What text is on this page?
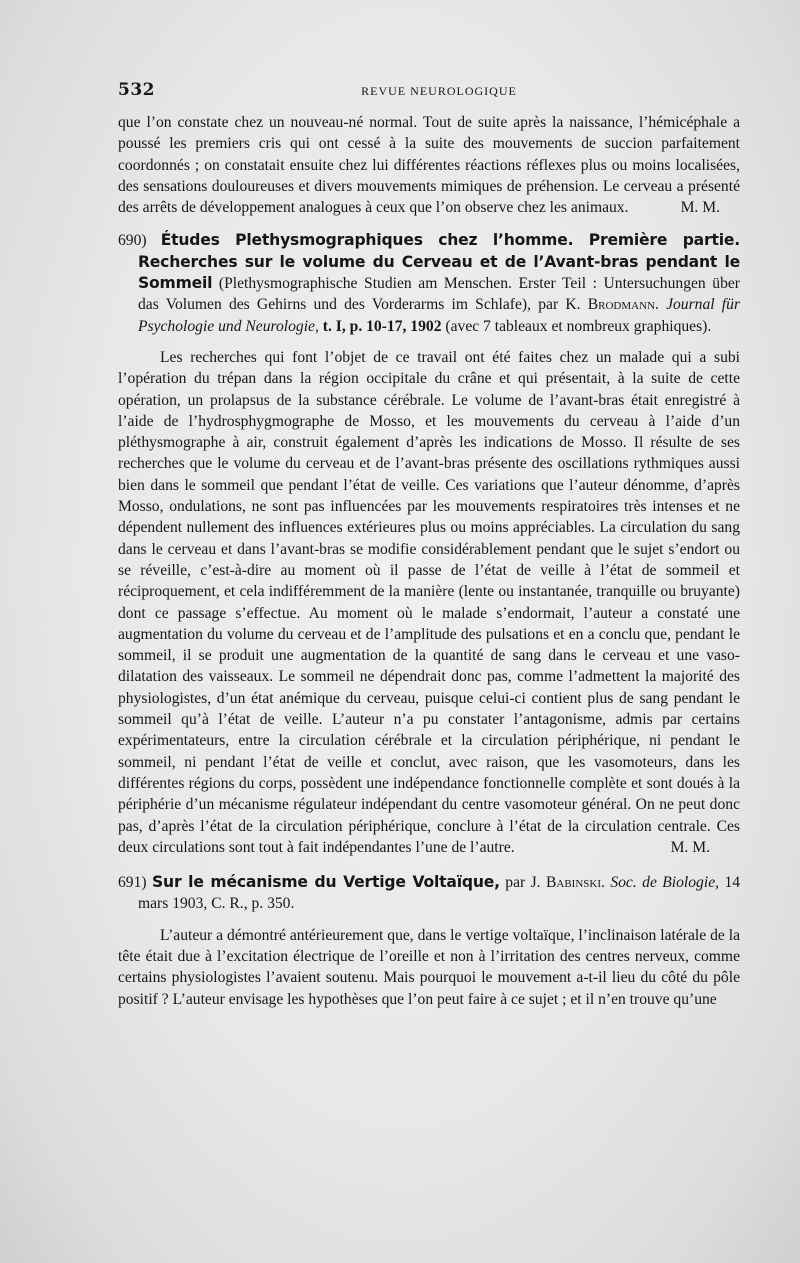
532	REVUE NEUROLOGIQUE

que l’on constate chez un nouveau-né normal. Tout de suite après la naissance, l’hémicéphale a poussé les premiers cris qui ont cessé à la suite des mouvements de succion parfaitement coordonnés ; on constatait ensuite chez lui différentes réactions réflexes plus ou moins localisées, des sensations douloureuses et divers mouvements mimiques de préhension. Le cerveau a présenté des arrêts de développement analogues à ceux que l’on observe chez les animaux.	M. M.

690) Études Plethysmographiques chez l’homme. Première partie. Recherches sur le volume du Cerveau et de l’Avant-bras pendant le Sommeil (Plethysmographische Studien am Menschen. Erster Teil : Untersuchungen über das Volumen des Gehirns und des Vorderarms im Schlafe), par K. Brodmann. Journal für Psychologie und Neurologie, t. I, p. 10-17, 1902 (avec 7 tableaux et nombreux graphiques).

Les recherches qui font l’objet de ce travail ont été faites chez un malade qui a subi l’opération du trépan dans la région occipitale du crâne et qui présentait, à la suite de cette opération, un prolapsus de la substance cérébrale. Le volume de l’avant-bras était enregistré à l’aide de l’hydrosphygmographe de Mosso, et les mouvements du cerveau à l’aide d’un pléthysmographe à air, construit également d’après les indications de Mosso. Il résulte de ses recherches que le volume du cerveau et de l’avant-bras présente des oscillations rythmiques aussi bien dans le sommeil que pendant l’état de veille. Ces variations que l’auteur dénomme, d’après Mosso, ondulations, ne sont pas influencées par les mouvements respiratoires très intenses et ne dépendent nullement des influences extérieures plus ou moins appréciables. La circulation du sang dans le cerveau et dans l’avant-bras se modifie considérablement pendant que le sujet s’endort ou se réveille, c’est-à-dire au moment où il passe de l’état de veille à l’état de sommeil et réciproquement, et cela indifféremment de la manière (lente ou instantanée, tranquille ou bruyante) dont ce passage s’effectue. Au moment où le malade s’endormait, l’auteur a constaté une augmentation du volume du cerveau et de l’amplitude des pulsations et en a conclu que, pendant le sommeil, il se produit une augmentation de la quantité de sang dans le cerveau et une vaso-dilatation des vaisseaux. Le sommeil ne dépendrait donc pas, comme l’admettent la majorité des physiologistes, d’un état anémique du cerveau, puisque celui-ci contient plus de sang pendant le sommeil qu’à l’état de veille. L’auteur n’a pu constater l’antagonisme, admis par certains expérimentateurs, entre la circulation cérébrale et la circulation périphérique, ni pendant le sommeil, ni pendant l’état de veille et conclut, avec raison, que les vasomoteurs, dans les différentes régions du corps, possèdent une indépendance fonctionnelle complète et sont doués à la périphérie d’un mécanisme régulateur indépendant du centre vasomoteur général. On ne peut donc pas, d’après l’état de la circulation périphérique, conclure à l’état de la circulation centrale. Ces deux circulations sont tout à fait indépendantes l’une de l’autre.	M. M.

691) Sur le mécanisme du Vertige Voltaïque, par J. Babinski. Soc. de Biologie, 14 mars 1903, C. R., p. 350.

L’auteur a démontré antérieurement que, dans le vertige voltaïque, l’inclinaison latérale de la tête était due à l’excitation électrique de l’oreille et non à l’irritation des centres nerveux, comme certains physiologistes l’avaient soutenu. Mais pourquoi le mouvement a-t-il lieu du côté du pôle positif ? L’auteur envisage les hypothèses que l’on peut faire à ce sujet ; et il n’en trouve qu’une
